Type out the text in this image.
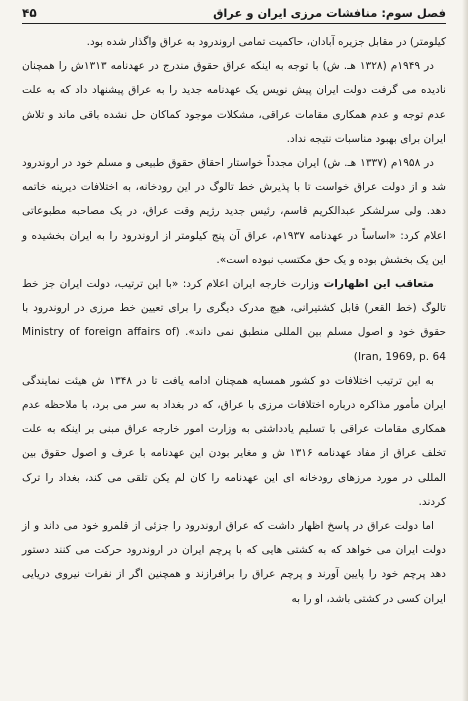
فصل سوم: منافشات مرزی ایران و عراق
۴۵

کیلومتر) در مقابل جزیره آبادان، حاکمیت تمامی اروندرود به عراق واگذار شده بود.

در ۱۹۴۹م (۱۳۲۸ هـ. ش) با توجه به اینکه عراق حقوق مندرج در عهدنامه ۱۳۱۳ش را همچنان نادیده می گرفت دولت ایران پیش نویس یک عهدنامه جدید را به عراق پیشنهاد داد که به علت عدم توجه و عدم همکاری مقامات عراقی، مشکلات موجود کماکان حل نشده باقی ماند و تلاش ایران برای بهبود مناسبات نتیجه نداد.

در ۱۹۵۸م (۱۳۳۷ هـ. ش) ایران مجدداً خواستار احقاق حقوق طبیعی و مسلم خود در اروندرود شد و از دولت عراق خواست تا با پذیرش خط تالوگ در این رودخانه، به اختلافات دیرینه خاتمه دهد. ولی سرلشکر عبدالکریم قاسم، رئیس جدید رژیم وقت عراق، در یک مصاحبه مطبوعاتی اعلام کرد: «اساساً در عهدنامه ۱۹۳۷م، عراق آن پنج کیلومتر از اروندرود را به ایران بخشیده و این یک بخشش بوده و یک حق مکتسب نبوده است».

متعاقب این اظهارات وزارت خارجه ایران اعلام کرد: «با این ترتیب، دولت ایران جز خط تالوگ (خط القعر) قابل کشتیرانی، هیچ مدرک دیگری را برای تعیین خط مرزی در اروندرود با حقوق خود و اصول مسلم بین المللی منطبق نمی داند». (Ministry of foreign affairs of Iran, 1969, p. 64)

به این ترتیب اختلافات دو کشور همسایه همچنان ادامه یافت تا در ۱۳۴۸ ش هیئت نمایندگی ایران مأمور مذاکره درباره اختلافات مرزی با عراق، که در بغداد به سر می برد، با ملاحظه عدم همکاری مقامات عراقی با تسلیم یادداشتی به وزارت امور خارجه عراق مبنی بر اینکه به علت تخلف عراق از مفاد عهدنامه ۱۳۱۶ ش و مغایر بودن این عهدنامه با عرف و اصول حقوق بین المللی در مورد مرزهای رودخانه ای این عهدنامه را کان لم یکن تلقی می کند، بغداد را ترک کردند.

اما دولت عراق در پاسخ اظهار داشت که عراق اروندرود را جزئی از قلمرو خود می داند و از دولت ایران می خواهد که به کشتی هایی که با پرچم ایران در اروندرود حرکت می کنند دستور دهد پرچم خود را پایین آورند و پرچم عراق را برافرازند و همچنین اگر از نفرات نیروی دریایی ایران کسی در کشتی باشد، او را به
